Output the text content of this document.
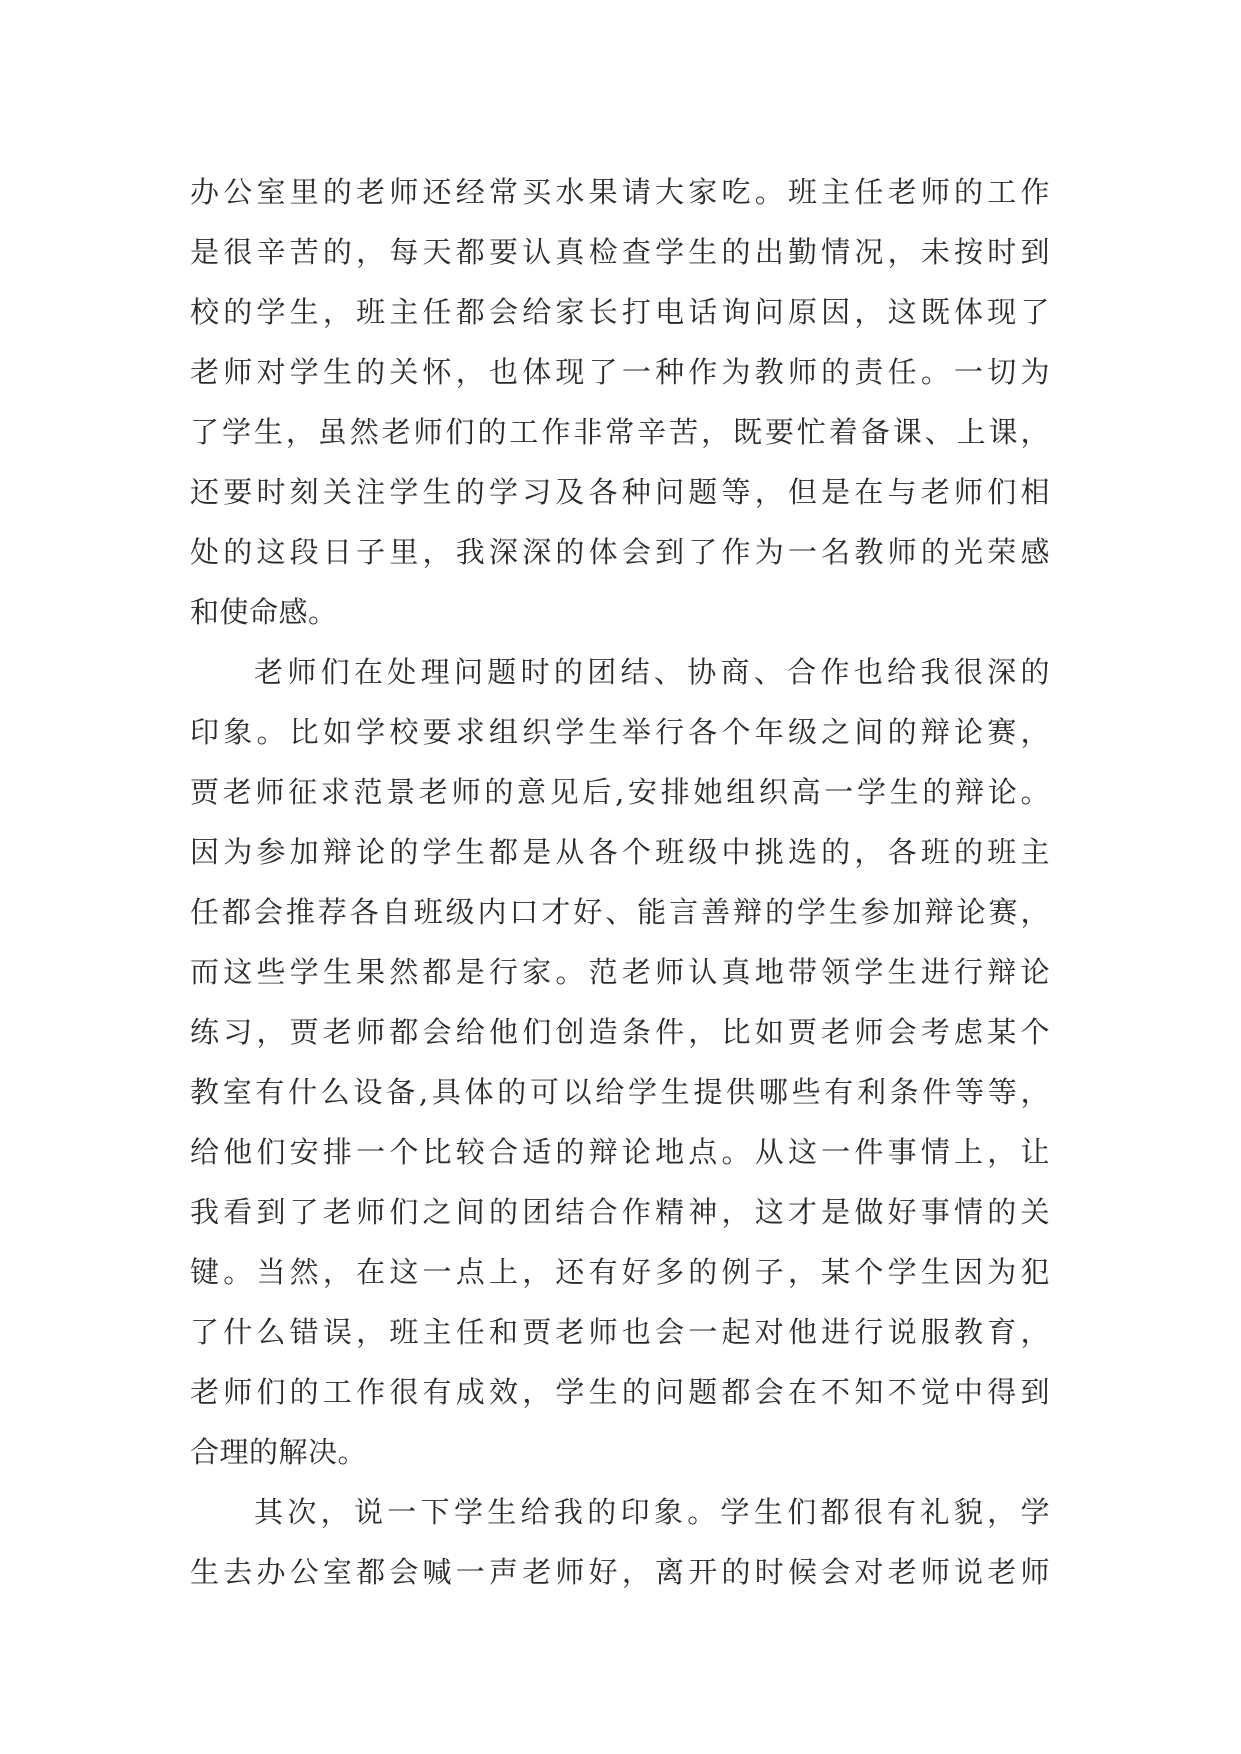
办公室里的老师还经常买水果请大家吃。班主任老师的工作
是很辛苦的，每天都要认真检查学生的出勤情况，未按时到
校的学生，班主任都会给家长打电话询问原因，这既体现了
老师对学生的关怀，也体现了一种作为教师的责任。一切为
了学生，虽然老师们的工作非常辛苦，既要忙着备课、上课，
还要时刻关注学生的学习及各种问题等，但是在与老师们相
处的这段日子里，我深深的体会到了作为一名教师的光荣感
和使命感。
老师们在处理问题时的团结、协商、合作也给我很深的
印象。比如学校要求组织学生举行各个年级之间的辩论赛，
贾老师征求范景老师的意见后,安排她组织高一学生的辩论。
因为参加辩论的学生都是从各个班级中挑选的，各班的班主
任都会推荐各自班级内口才好、能言善辩的学生参加辩论赛，
而这些学生果然都是行家。范老师认真地带领学生进行辩论
练习，贾老师都会给他们创造条件，比如贾老师会考虑某个
教室有什么设备,具体的可以给学生提供哪些有利条件等等，
给他们安排一个比较合适的辩论地点。从这一件事情上，让
我看到了老师们之间的团结合作精神，这才是做好事情的关
键。当然，在这一点上，还有好多的例子，某个学生因为犯
了什么错误，班主任和贾老师也会一起对他进行说服教育，
老师们的工作很有成效，学生的问题都会在不知不觉中得到
合理的解决。
其次，说一下学生给我的印象。学生们都很有礼貌，学
生去办公室都会喊一声老师好，离开的时候会对老师说老师
